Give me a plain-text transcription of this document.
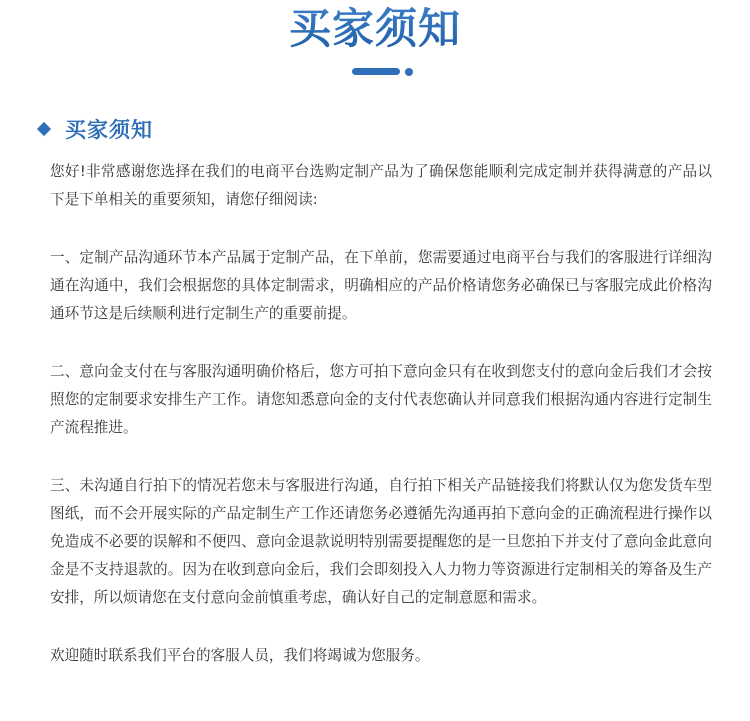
买家须知
买家须知

您好!非常感谢您选择在我们的电商平台选购定制产品为了确保您能顺利完成定制并获得满意的产品以下是下单相关的重要须知，请您仔细阅读:

一、定制产品沟通环节本产品属于定制产品，在下单前，您需要通过电商平台与我们的客服进行详细沟通在沟通中，我们会根据您的具体定制需求，明确相应的产品价格请您务必确保已与客服完成此价格沟通环节这是后续顺利进行定制生产的重要前提。

二、意向金支付在与客服沟通明确价格后，您方可拍下意向金只有在收到您支付的意向金后我们才会按照您的定制要求安排生产工作。请您知悉意向金的支付代表您确认并同意我们根据沟通内容进行定制生产流程推进。

三、未沟通自行拍下的情况若您未与客服进行沟通，自行拍下相关产品链接我们将默认仅为您发货车型图纸，而不会开展实际的产品定制生产工作还请您务必遵循先沟通再拍下意向金的正确流程进行操作以免造成不必要的误解和不便四、意向金退款说明特别需要提醒您的是一旦您拍下并支付了意向金此意向金是不支持退款的。因为在收到意向金后，我们会即刻投入人力物力等资源进行定制相关的筹备及生产安排，所以烦请您在支付意向金前慎重考虑，确认好自己的定制意愿和需求。

欢迎随时联系我们平台的客服人员，我们将竭诚为您服务。
